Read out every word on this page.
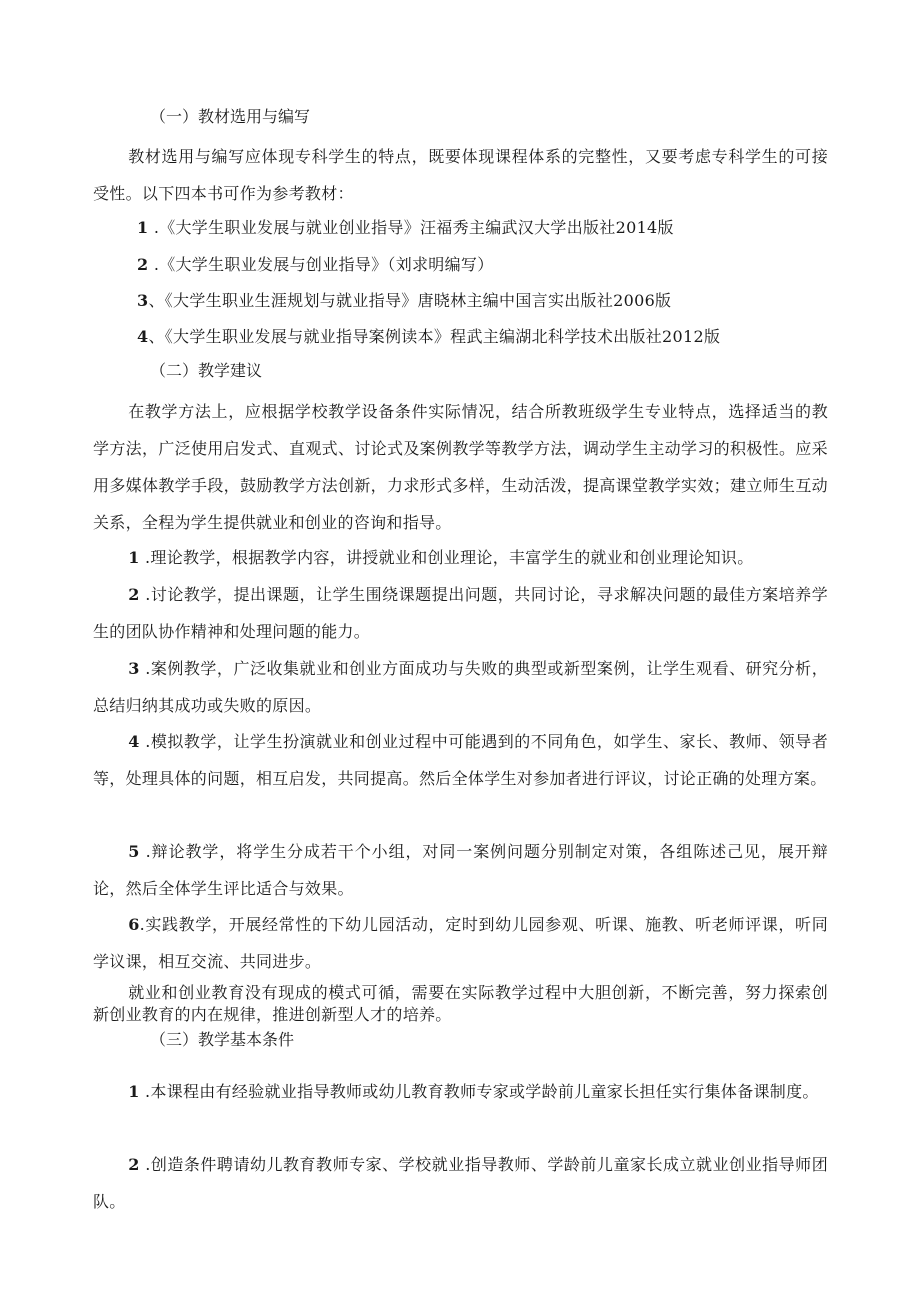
（一）教材选用与编写
教材选用与编写应体现专科学生的特点，既要体现课程体系的完整性，又要考虑专科学生的可接受性。以下四本书可作为参考教材：
1 .《大学生职业发展与就业创业指导》汪福秀主编武汉大学出版社2014版
2 .《大学生职业发展与创业指导》（刘求明编写）
3、《大学生职业生涯规划与就业指导》唐晓林主编中国言实出版社2006版
4、《大学生职业发展与就业指导案例读本》程武主编湖北科学技术出版社2012版
（二）教学建议
在教学方法上，应根据学校教学设备条件实际情况，结合所教班级学生专业特点，选择适当的教学方法，广泛使用启发式、直观式、讨论式及案例教学等教学方法，调动学生主动学习的积极性。应采用多媒体教学手段，鼓励教学方法创新，力求形式多样，生动活泼，提高课堂教学实效；建立师生互动关系，全程为学生提供就业和创业的咨询和指导。
1 .理论教学，根据教学内容，讲授就业和创业理论，丰富学生的就业和创业理论知识。
2 .讨论教学，提出课题，让学生围绕课题提出问题，共同讨论，寻求解决问题的最佳方案培养学生的团队协作精神和处理问题的能力。
3 .案例教学，广泛收集就业和创业方面成功与失败的典型或新型案例，让学生观看、研究分析，总结归纳其成功或失败的原因。
4 .模拟教学，让学生扮演就业和创业过程中可能遇到的不同角色，如学生、家长、教师、领导者等，处理具体的问题，相互启发，共同提高。然后全体学生对参加者进行评议，讨论正确的处理方案。
5 .辩论教学，将学生分成若干个小组，对同一案例问题分别制定对策，各组陈述己见，展开辩论，然后全体学生评比适合与效果。
6.实践教学，开展经常性的下幼儿园活动，定时到幼儿园参观、听课、施教、听老师评课，听同学议课，相互交流、共同进步。
就业和创业教育没有现成的模式可循，需要在实际教学过程中大胆创新，不断完善，努力探索创新创业教育的内在规律，推进创新型人才的培养。
（三）教学基本条件
1 .本课程由有经验就业指导教师或幼儿教育教师专家或学龄前儿童家长担任实行集体备课制度。
2 .创造条件聘请幼儿教育教师专家、学校就业指导教师、学龄前儿童家长成立就业创业指导师团队。
